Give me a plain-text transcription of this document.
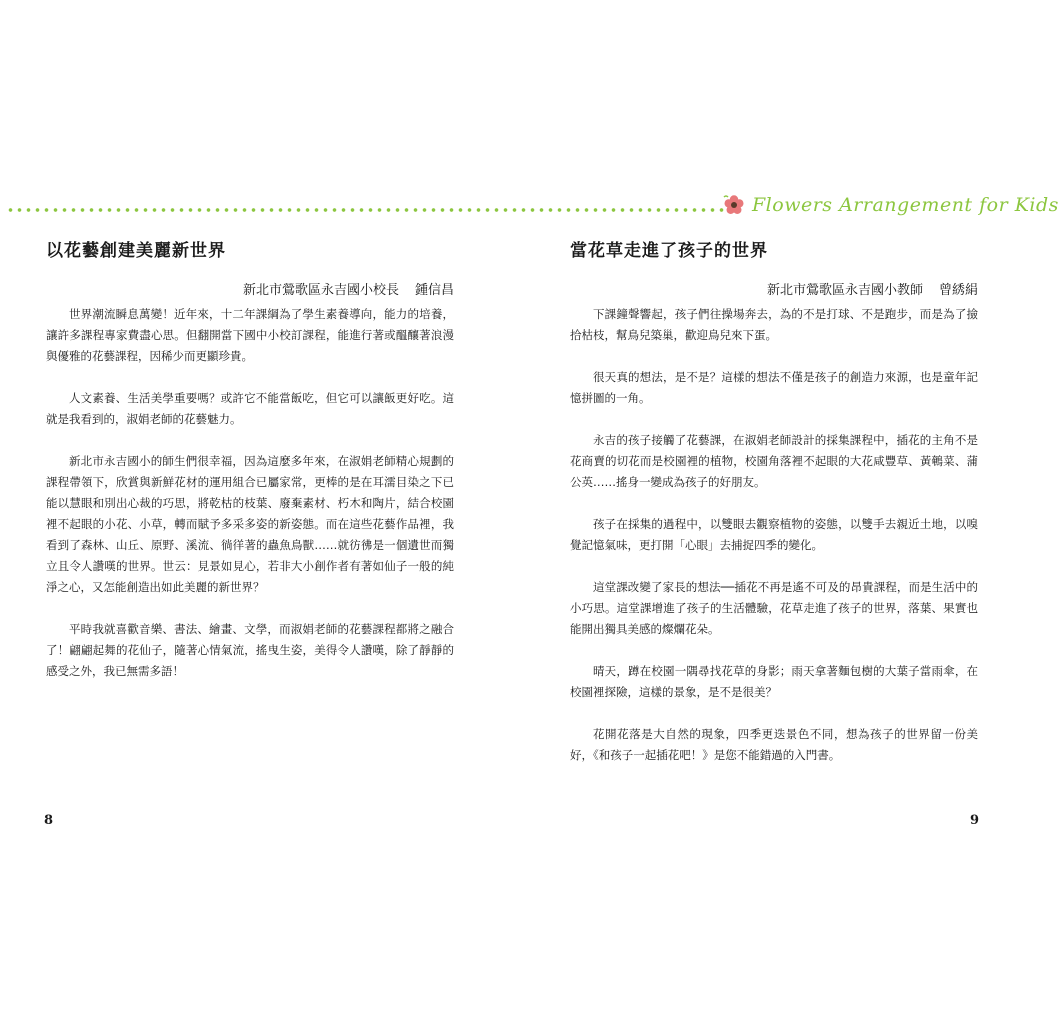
Flowers Arrangement for Kids
以花藝創建美麗新世界
新北市鶯歌區永吉國小校長 鍾信昌

世界潮流瞬息萬變！近年來，十二年課綱為了學生素養導向，能力的培養，讓許多課程專家費盡心思。但翻開當下國中小校訂課程，能進行著或醞釀著浪漫與優雅的花藝課程，因稀少而更顯珍貴。

人文素養、生活美學重要嗎？或許它不能當飯吃，但它可以讓飯更好吃。這就是我看到的，淑娟老師的花藝魅力。

新北市永吉國小的師生們很幸福，因為這麼多年來，在淑娟老師精心規劃的課程帶領下，欣賞與新鮮花材的運用組合已屬家常，更棒的是在耳濡目染之下已能以慧眼和別出心裁的巧思，將乾枯的枝葉、廢棄素材、朽木和陶片，結合校園裡不起眼的小花、小草，轉而賦予多采多姿的新姿態。而在這些花藝作品裡，我看到了森林、山丘、原野、溪流、徜徉著的蟲魚鳥獸……就彷彿是一個遺世而獨立且令人讚嘆的世界。世云：見景如見心，若非大小創作者有著如仙子一般的純淨之心，又怎能創造出如此美麗的新世界？

平時我就喜歡音樂、書法、繪畫、文學，而淑娟老師的花藝課程都將之融合了！翩翩起舞的花仙子，隨著心情氣流，搖曳生姿，美得令人讚嘆，除了靜靜的感受之外，我已無需多語！

當花草走進了孩子的世界
新北市鶯歌區永吉國小教師 曾綉絹

下課鐘聲響起，孩子們往操場奔去，為的不是打球、不是跑步，而是為了撿拾枯枝，幫鳥兒築巢，歡迎鳥兒來下蛋。

很天真的想法，是不是？這樣的想法不僅是孩子的創造力來源，也是童年記憶拼圖的一角。

永吉的孩子接觸了花藝課，在淑娟老師設計的採集課程中，插花的主角不是花商賣的切花而是校園裡的植物，校園角落裡不起眼的大花咸豐草、黃鵪菜、蒲公英……搖身一變成為孩子的好朋友。

孩子在採集的過程中，以雙眼去觀察植物的姿態，以雙手去親近土地，以嗅覺記憶氣味，更打開「心眼」去捕捉四季的變化。

這堂課改變了家長的想法──插花不再是遙不可及的昂貴課程，而是生活中的小巧思。這堂課增進了孩子的生活體驗，花草走進了孩子的世界，落葉、果實也能開出獨具美感的燦爛花朵。

晴天，蹲在校園一隅尋找花草的身影；雨天拿著麵包樹的大葉子當雨傘，在校園裡探險，這樣的景象，是不是很美？

花開花落是大自然的現象，四季更迭景色不同，想為孩子的世界留一份美好，《和孩子一起插花吧！》是您不能錯過的入門書。

8	9
